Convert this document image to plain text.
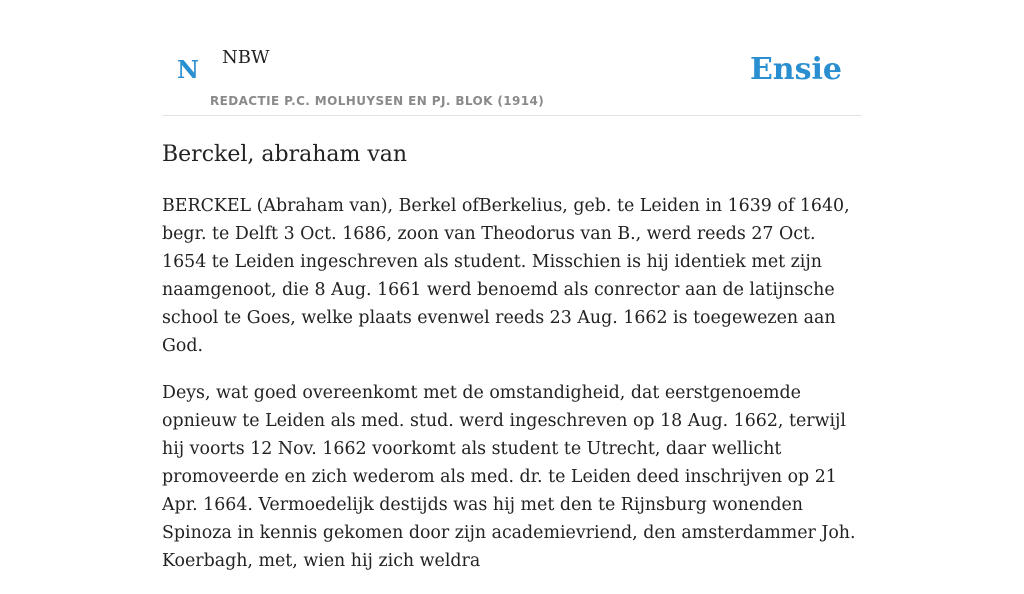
N NBW
REDACTIE P.C. MOLHUYSEN EN PJ. BLOK (1914)
Ensie
Berckel, abraham van

BERCKEL (Abraham van), Berkel ofBerkelius, geb. te Leiden in 1639 of 1640, begr. te Delft 3 Oct. 1686, zoon van Theodorus van B., werd reeds 27 Oct. 1654 te Leiden ingeschreven als student. Misschien is hij identiek met zijn naamgenoot, die 8 Aug. 1661 werd benoemd als conrector aan de latijnsche school te Goes, welke plaats evenwel reeds 23 Aug. 1662 is toegewezen aan God.

Deys, wat goed overeenkomt met de omstandigheid, dat eerstgenoemde opnieuw te Leiden als med. stud. werd ingeschreven op 18 Aug. 1662, terwijl hij voorts 12 Nov. 1662 voorkomt als student te Utrecht, daar wellicht promoveerde en zich wederom als med. dr. te Leiden deed inschrijven op 21 Apr. 1664. Vermoedelijk destijds was hij met den te Rijnsburg wonenden Spinoza in kennis gekomen door zijn academievriend, den amsterdammer Joh. Koerbagh, met, wien hij zich weldra
